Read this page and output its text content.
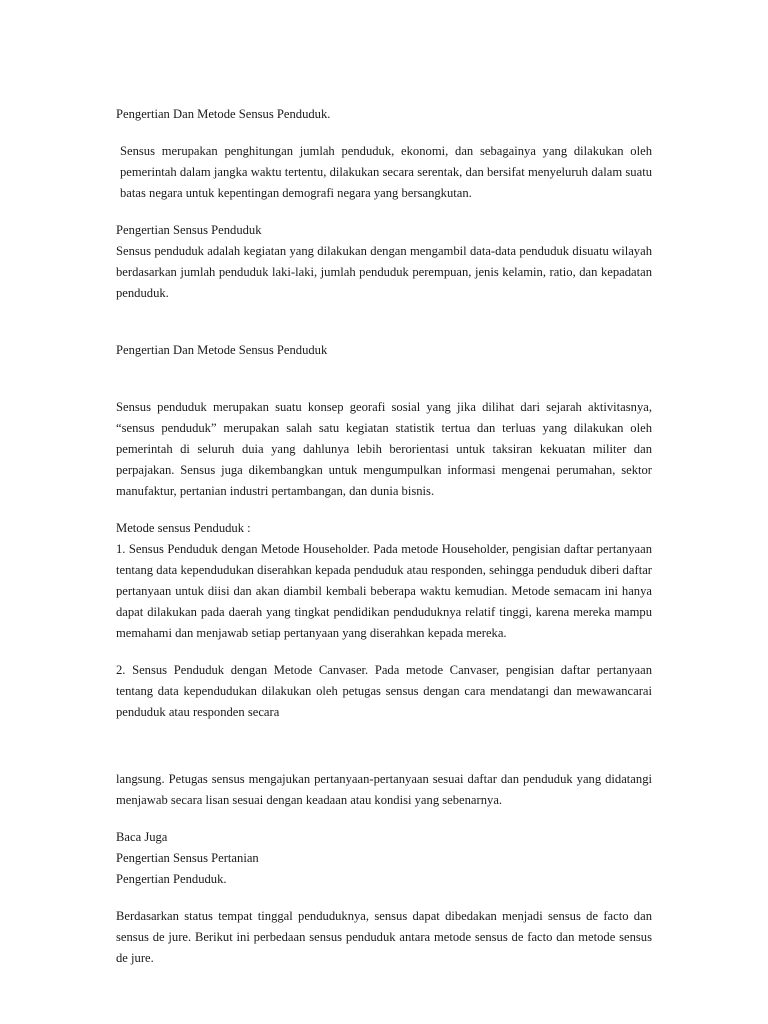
Pengertian Dan Metode Sensus Penduduk.

Sensus merupakan penghitungan jumlah penduduk, ekonomi, dan sebagainya yang dilakukan oleh pemerintah dalam jangka waktu tertentu, dilakukan secara serentak, dan bersifat menyeluruh dalam suatu batas negara untuk kepentingan demografi negara yang bersangkutan.

Pengertian Sensus Penduduk

Sensus penduduk adalah kegiatan yang dilakukan dengan mengambil data-data penduduk disuatu wilayah berdasarkan jumlah penduduk laki-laki, jumlah penduduk perempuan, jenis kelamin, ratio, dan kepadatan penduduk.

Pengertian Dan Metode Sensus Penduduk

Sensus penduduk merupakan suatu konsep georafi sosial yang jika dilihat dari sejarah aktivitasnya, “sensus penduduk” merupakan salah satu kegiatan statistik tertua dan terluas yang dilakukan oleh pemerintah di seluruh duia yang dahlunya lebih berorientasi untuk taksiran kekuatan militer dan perpajakan. Sensus juga dikembangkan untuk mengumpulkan informasi mengenai perumahan, sektor manufaktur, pertanian industri pertambangan, dan dunia bisnis.

Metode sensus Penduduk :

1. Sensus Penduduk dengan Metode Householder. Pada metode Householder, pengisian daftar pertanyaan tentang data kependudukan diserahkan kepada penduduk atau responden, sehingga penduduk diberi daftar pertanyaan untuk diisi dan akan diambil kembali beberapa waktu kemudian. Metode semacam ini hanya dapat dilakukan pada daerah yang tingkat pendidikan penduduknya relatif tinggi, karena mereka mampu memahami dan menjawab setiap pertanyaan yang diserahkan kepada mereka.

2. Sensus Penduduk dengan Metode Canvaser. Pada metode Canvaser, pengisian daftar pertanyaan tentang data kependudukan dilakukan oleh petugas sensus dengan cara mendatangi dan mewawancarai penduduk atau responden secara

langsung. Petugas sensus mengajukan pertanyaan-pertanyaan sesuai daftar dan penduduk yang didatangi menjawab secara lisan sesuai dengan keadaan atau kondisi yang sebenarnya.

Baca Juga

Pengertian Sensus Pertanian

Pengertian Penduduk.

Berdasarkan status tempat tinggal penduduknya, sensus dapat dibedakan menjadi sensus de facto dan sensus de jure. Berikut ini perbedaan sensus penduduk antara metode sensus de facto dan metode sensus de jure.
